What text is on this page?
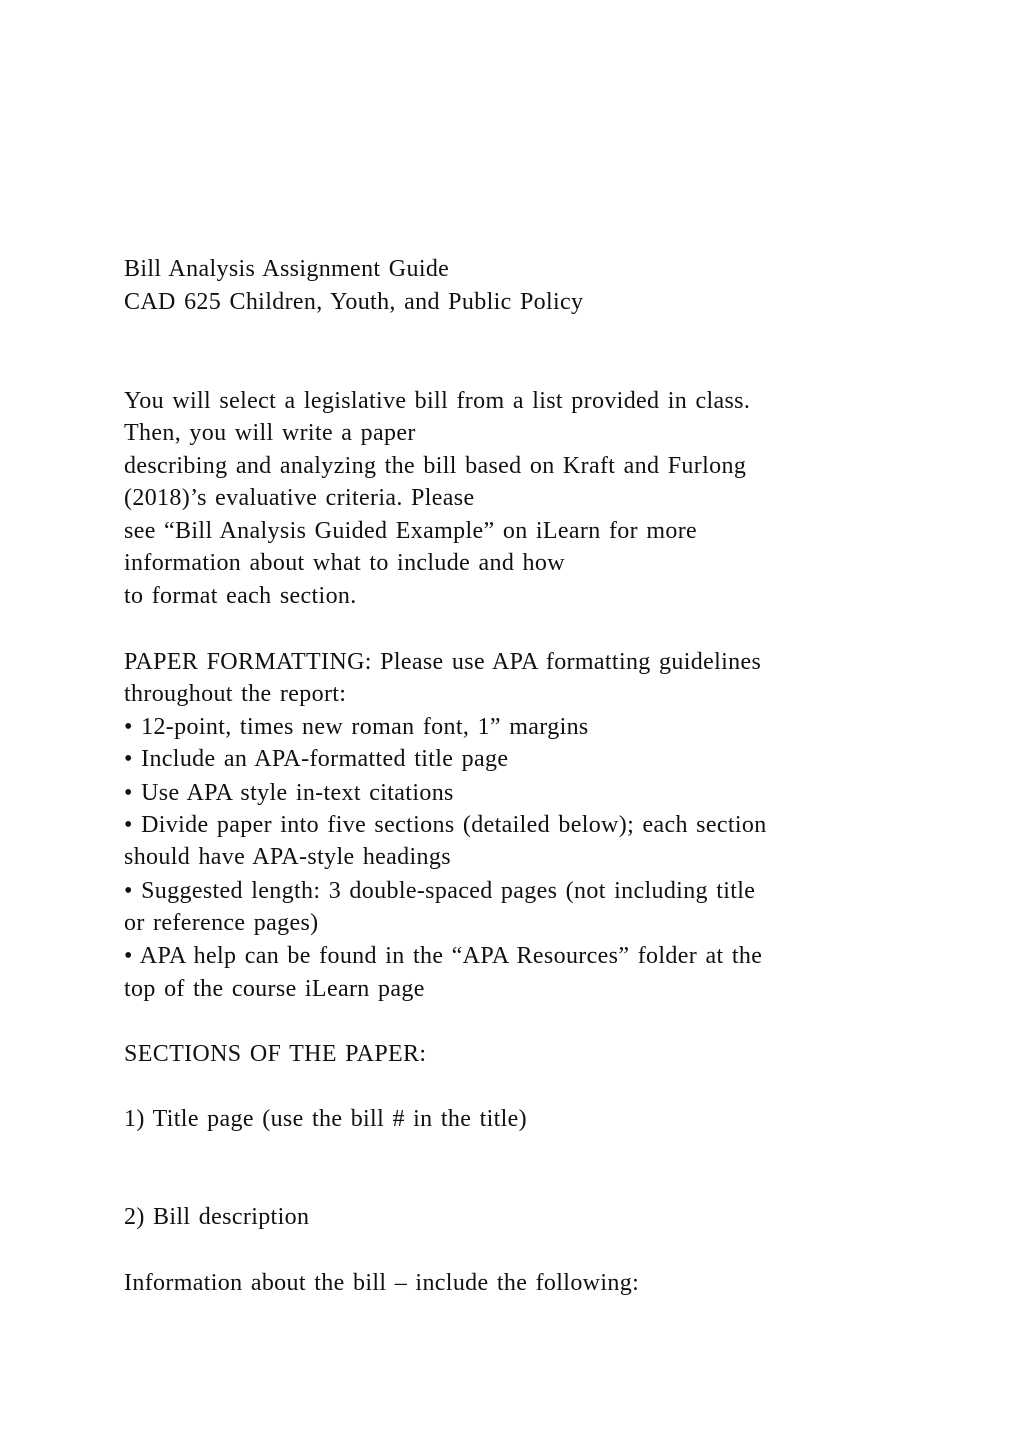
Bill Analysis Assignment Guide

CAD 625 Children, Youth, and Public Policy

You will select a legislative bill from a list provided in class.

Then, you will write a paper

describing and analyzing the bill based on Kraft and Furlong

(2018)’s evaluative criteria. Please

see “Bill Analysis Guided Example” on iLearn for more

information about what to include and how

to format each section.

PAPER FORMATTING: Please use APA formatting guidelines

throughout the report:

• 12-point, times new roman font, 1” margins

• Include an APA-formatted title page

• Use APA style in-text citations

• Divide paper into five sections (detailed below); each section

should have APA-style headings

• Suggested length: 3 double-spaced pages (not including title

or reference pages)

• APA help can be found in the “APA Resources” folder at the

top of the course iLearn page

SECTIONS OF THE PAPER:

1) Title page (use the bill # in the title)

2) Bill description

Information about the bill – include the following:
